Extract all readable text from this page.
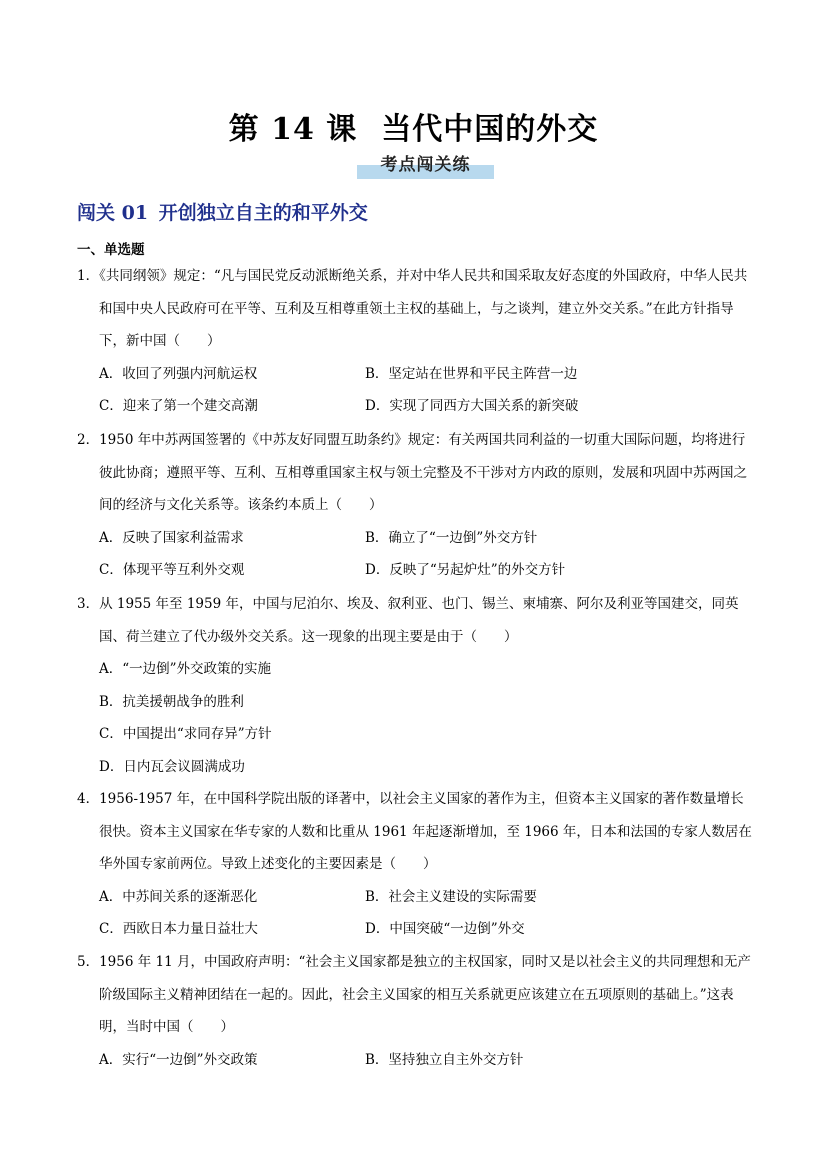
第 14 课 当代中国的外交
考点闯关练
闯关 01 开创独立自主的和平外交
一、单选题
1．《共同纲领》规定：“凡与国民党反动派断绝关系，并对中华人民共和国采取友好态度的外国政府，中华人民共和国中央人民政府可在平等、互利及互相尊重领土主权的基础上，与之谈判，建立外交关系。”在此方针指导下，新中国（　　）
A．收回了列强内河航运权	B．坚定站在世界和平民主阵营一边
C．迎来了第一个建交高潮	D．实现了同西方大国关系的新突破
2．1950 年中苏两国签署的《中苏友好同盟互助条约》规定：有关两国共同利益的一切重大国际问题，均将进行彼此协商；遵照平等、互利、互相尊重国家主权与领土完整及不干涉对方内政的原则，发展和巩固中苏两国之间的经济与文化关系等。该条约本质上（　　）
A．反映了国家利益需求	B．确立了“一边倒”外交方针
C．体现平等互利外交观	D．反映了“另起炉灶”的外交方针
3．从 1955 年至 1959 年，中国与尼泊尔、埃及、叙利亚、也门、锡兰、柬埔寨、阿尔及利亚等国建交，同英国、荷兰建立了代办级外交关系。这一现象的出现主要是由于（　　）
A．“一边倒”外交政策的实施
B．抗美援朝战争的胜利
C．中国提出“求同存异”方针
D．日内瓦会议圆满成功
4．1956-1957 年，在中国科学院出版的译著中，以社会主义国家的著作为主，但资本主义国家的著作数量增长很快。资本主义国家在华专家的人数和比重从 1961 年起逐渐增加，至 1966 年，日本和法国的专家人数居在华外国专家前两位。导致上述变化的主要因素是（　　）
A．中苏间关系的逐渐恶化	B．社会主义建设的实际需要
C．西欧日本力量日益壮大	D．中国突破“一边倒”外交
5．1956 年 11 月，中国政府声明：“社会主义国家都是独立的主权国家，同时又是以社会主义的共同理想和无产阶级国际主义精神团结在一起的。因此，社会主义国家的相互关系就更应该建立在五项原则的基础上。”这表明，当时中国（　　）
A．实行“一边倒”外交政策	B．坚持独立自主外交方针
